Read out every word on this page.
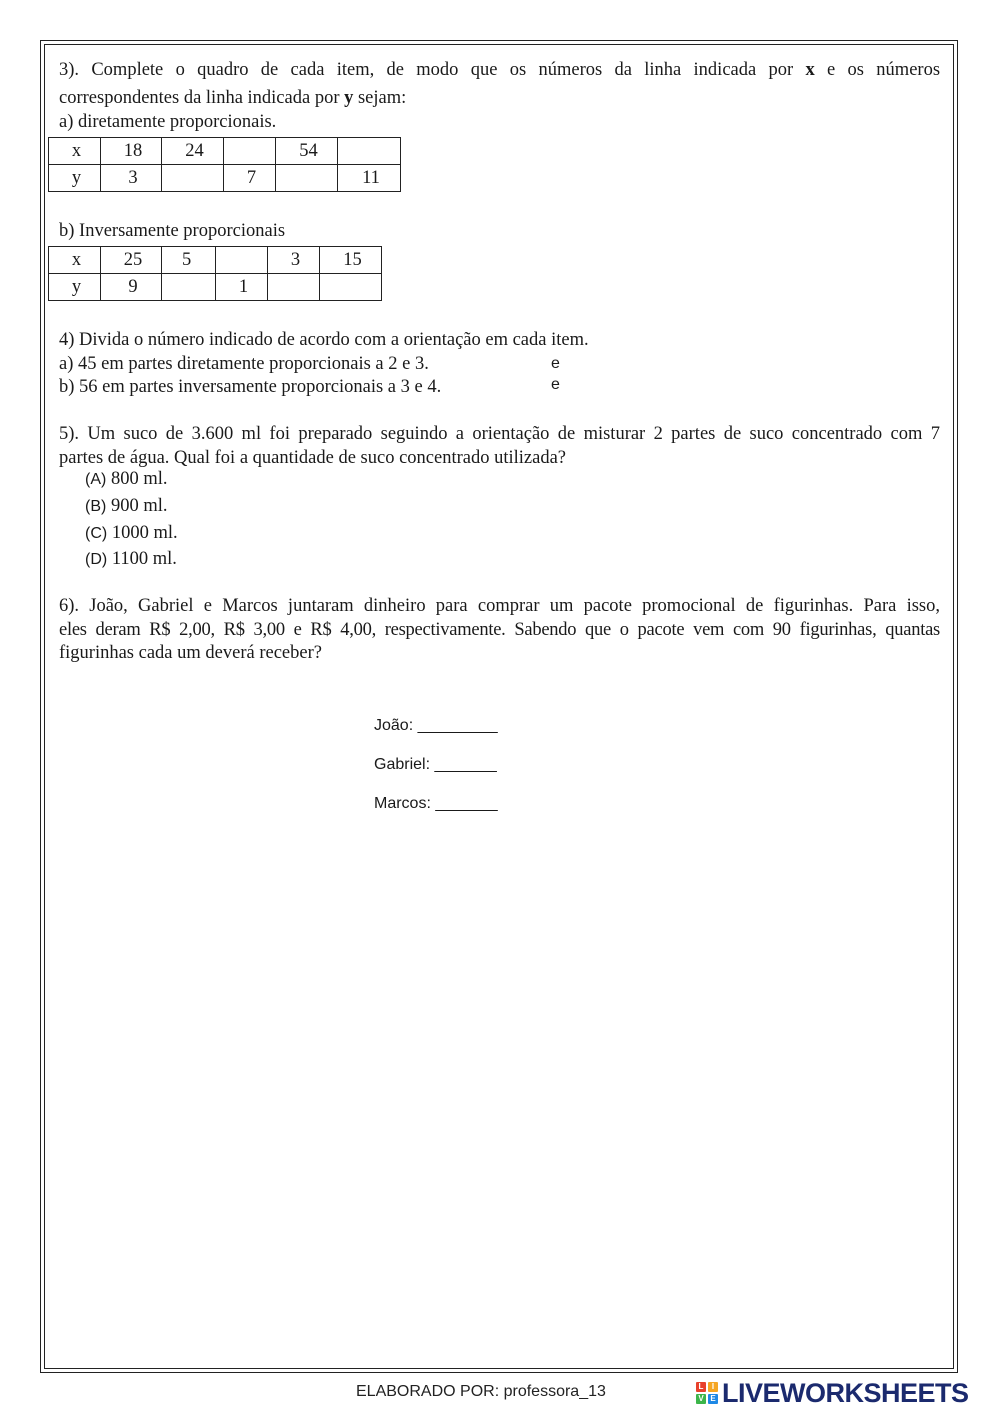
3). Complete o quadro de cada item, de modo que os números da linha indicada por x e os números
correspondentes da linha indicada por y sejam:
a) diretamente proporcionais.
x	18	24		54	
y	3		7		11
b) Inversamente proporcionais
x	25	5		3	15
y	9		1		
4) Divida o número indicado de acordo com a orientação em cada item.
a) 45 em partes diretamente proporcionais a 2 e 3.	e
b) 56 em partes inversamente proporcionais a 3 e 4.	e
5). Um suco de 3.600 ml foi preparado seguindo a orientação de misturar 2 partes de suco concentrado com 7
partes de água. Qual foi a quantidade de suco concentrado utilizada?
(A) 800 ml.
(B) 900 ml.
(C) 1000 ml.
(D) 1100 ml.
6). João, Gabriel e Marcos juntaram dinheiro para comprar um pacote promocional de figurinhas. Para isso,
eles deram R$ 2,00, R$ 3,00 e R$ 4,00, respectivamente. Sabendo que o pacote vem com 90 figurinhas, quantas
figurinhas cada um deverá receber?
João: _________
Gabriel: _______
Marcos: _______
ELABORADO POR: professora_13	L	I
V E LIVEWORKSHEETS
